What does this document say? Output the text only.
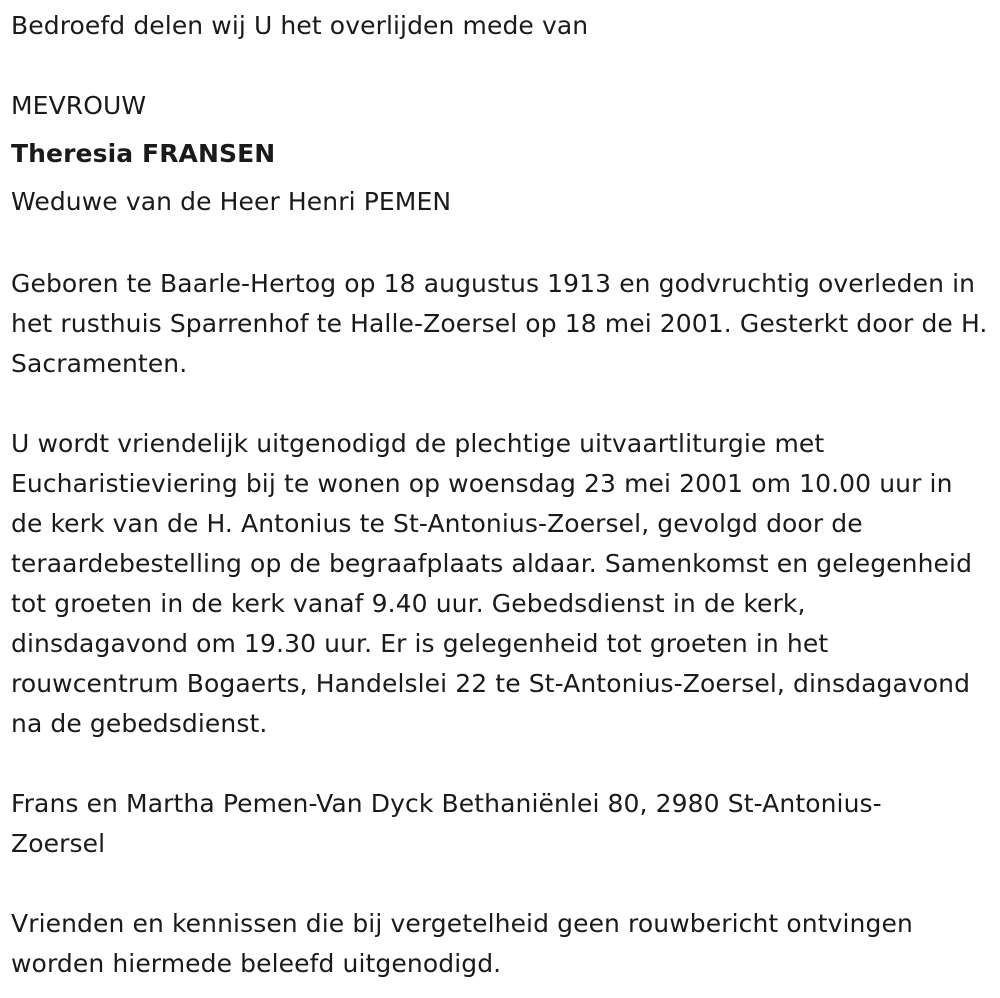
Bedroefd delen wij U het overlijden mede van

MEVROUW

Theresia FRANSEN

Weduwe van de Heer Henri PEMEN

Geboren te Baarle-Hertog op 18 augustus 1913 en godvruchtig overleden in het rusthuis Sparrenhof te Halle-Zoersel op 18 mei 2001. Gesterkt door de H. Sacramenten.

U wordt vriendelijk uitgenodigd de plechtige uitvaartliturgie met Eucharistieviering bij te wonen op woensdag 23 mei 2001 om 10.00 uur in de kerk van de H. Antonius te St-Antonius-Zoersel, gevolgd door de teraardebestelling op de begraafplaats aldaar. Samenkomst en gelegenheid tot groeten in de kerk vanaf 9.40 uur. Gebedsdienst in de kerk, dinsdagavond om 19.30 uur. Er is gelegenheid tot groeten in het rouwcentrum Bogaerts, Handelslei 22 te St-Antonius-Zoersel, dinsdagavond na de gebedsdienst.

Frans en Martha Pemen-Van Dyck Bethaniënlei 80, 2980 St-Antonius-Zoersel

Vrienden en kennissen die bij vergetelheid geen rouwbericht ontvingen worden hiermede beleefd uitgenodigd.
